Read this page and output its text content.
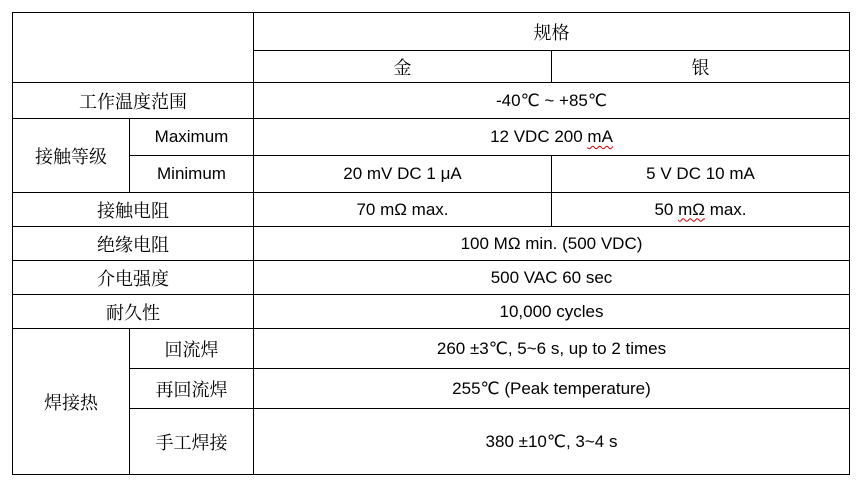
		规格	
		金	银
工作温度范围		-40℃ ~ +85℃	
接触等级	Maximum	12 VDC 200 mA	
	Minimum	20 mV DC 1 μA	5 V DC 10 mA
接触电阻		70 mΩ max.	50 mΩ max.
绝缘电阻		100 MΩ min. (500 VDC)	
介电强度		500 VAC 60 sec	
耐久性		10,000 cycles	
焊接热	回流焊	260 ±3℃, 5~6 s, up to 2 times	
	再回流焊	255℃ (Peak temperature)	
	手工焊接	380 ±10℃, 3~4 s	
